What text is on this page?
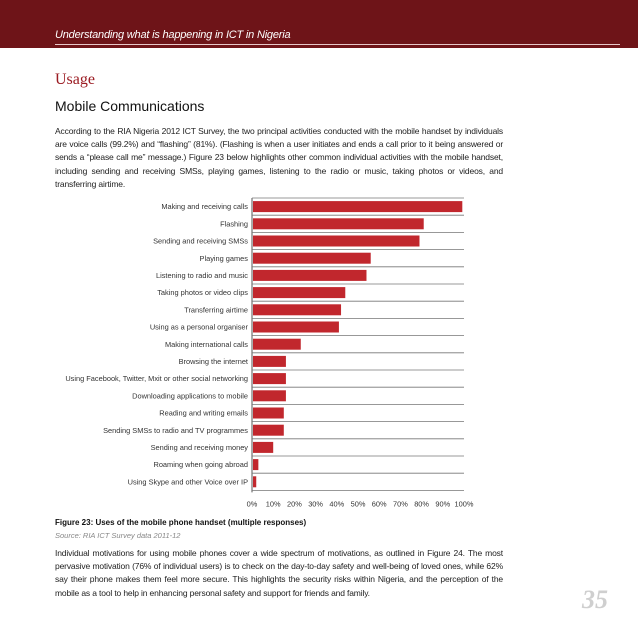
Understanding what is happening in ICT in Nigeria
Usage
Mobile Communications
According to the RIA Nigeria 2012 ICT Survey, the two principal activities conducted with the mobile handset by individuals are voice calls (99.2%) and “flashing” (81%). (Flashing is when a user initiates and ends a call prior to it being answered or sends a “please call me” message.) Figure 23 below highlights other common individual activities with the mobile handset, including sending and receiving SMSs, playing games, listening to the radio or music, taking photos or videos, and transferring airtime.
Making and receiving calls
Flashing
Sending and receiving SMSs
Playing games
Listening to radio and music
Taking photos or video clips
Transferring airtime
Using as a personal organiser
Making international calls
Browsing the internet
Using Facebook, Twitter, Mxit or other social networking
Downloading applications to mobile
Reading and writing emails
Sending SMSs to radio and TV programmes
Sending and receiving money
Roaming when going abroad
Using Skype and other Voice over IP
0% 10% 20% 30% 40% 50% 60% 70% 80% 90% 100%
Figure 23: Uses of the mobile phone handset (multiple responses)
Source: RIA ICT Survey data 2011-12
Individual motivations for using mobile phones cover a wide spectrum of motivations, as outlined in Figure 24. The most pervasive motivation (76% of individual users) is to check on the day-to-day safety and well-being of loved ones, while 62% say their phone makes them feel more secure. This highlights the security risks within Nigeria, and the perception of the mobile as a tool to help in enhancing personal safety and support for friends and family.	35
